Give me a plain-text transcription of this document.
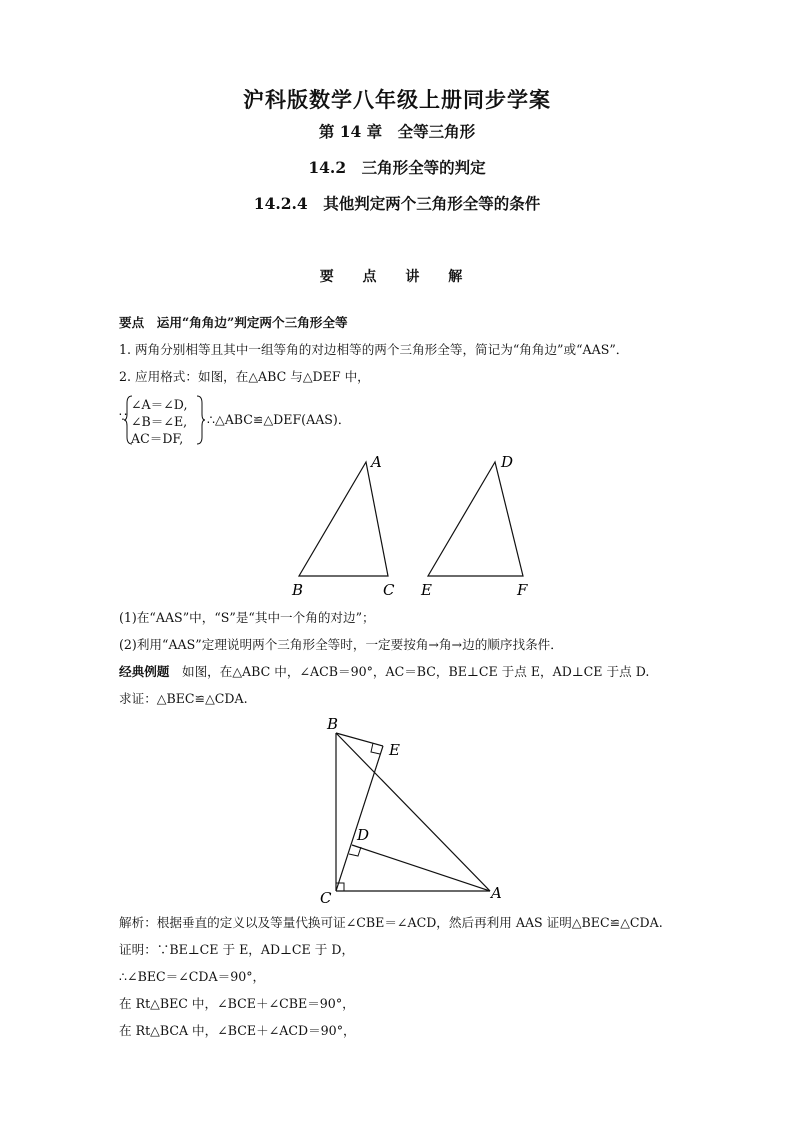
沪科版数学八年级上册同步学案
第 14 章　全等三角形
14.2　三角形全等的判定
14.2.4　其他判定两个三角形全等的条件
要 点 讲 解
要点　 运用“角角边”判定两个三角形全等
1. 两角分别相等且其中一组等角的对边相等的两个三角形全等，简记为“角角边”或“AAS”．
2. 应用格式：如图，在△ABC 与△DEF 中，
∵
∠A＝∠D,
∠B＝∠E,
AC＝DF,
∴△ABC≌△DEF(AAS)．
A
B	C
D
E	F
(1)在“AAS”中，“S”是“其中一个角的对边”；
(2)利用“AAS”定理说明两个三角形全等时，一定要按角→角→边的顺序找条件．
经典例题　如图，在△ABC 中，∠ACB＝90°，AC＝BC，BE⊥CE 于点 E，AD⊥CE 于点 D.
求证：△BEC≌△CDA.
B
E
D
C	A
解析：根据垂直的定义以及等量代换可证∠CBE＝∠ACD，然后再利用 AAS 证明△BEC≌△CDA.
证明：∵BE⊥CE 于 E，AD⊥CE 于 D，
∴∠BEC＝∠CDA＝90°，
在 Rt△BEC 中，∠BCE＋∠CBE＝90°，
在 Rt△BCA 中，∠BCE＋∠ACD＝90°，
